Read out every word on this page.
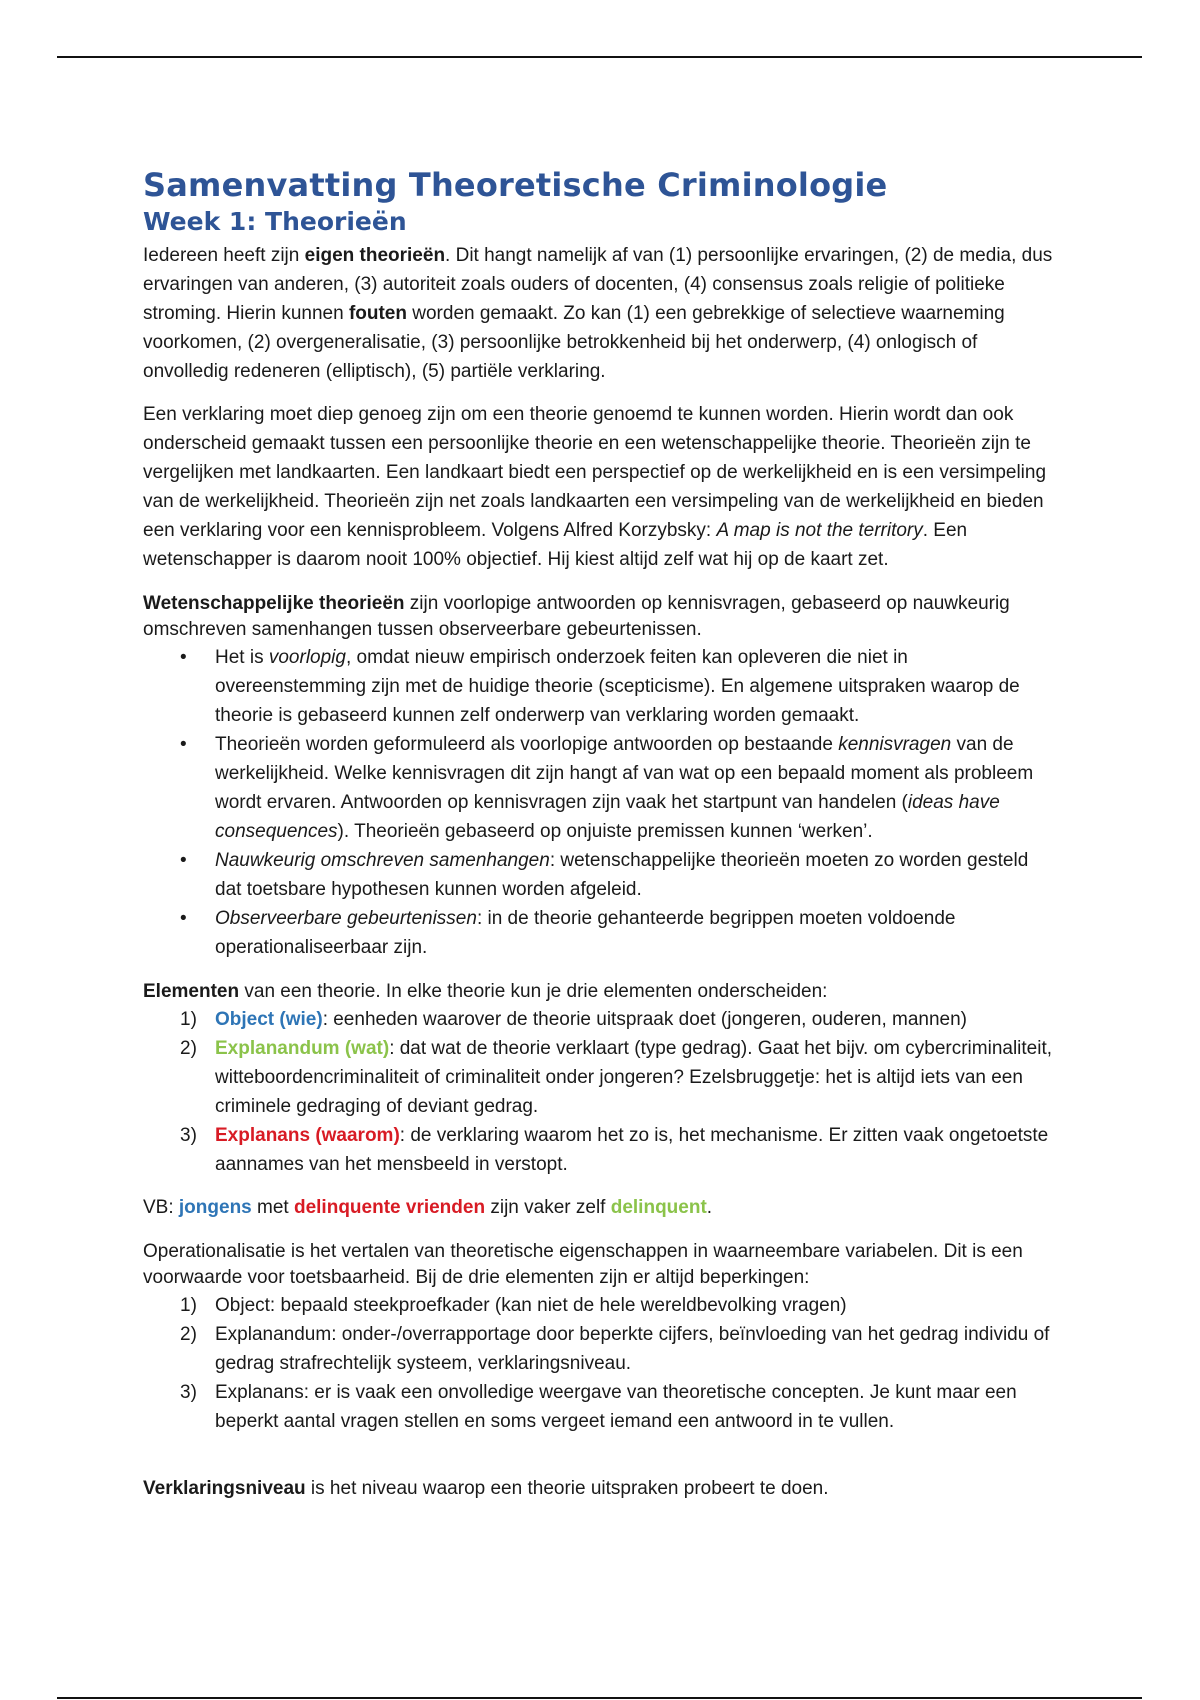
Samenvatting Theoretische Criminologie
Week 1: Theorieën

Iedereen heeft zijn eigen theorieën. Dit hangt namelijk af van (1) persoonlijke ervaringen, (2) de media, dus ervaringen van anderen, (3) autoriteit zoals ouders of docenten, (4) consensus zoals religie of politieke stroming. Hierin kunnen fouten worden gemaakt. Zo kan (1) een gebrekkige of selectieve waarneming voorkomen, (2) overgeneralisatie, (3) persoonlijke betrokkenheid bij het onderwerp, (4) onlogisch of onvolledig redeneren (elliptisch), (5) partiële verklaring.

Een verklaring moet diep genoeg zijn om een theorie genoemd te kunnen worden. Hierin wordt dan ook onderscheid gemaakt tussen een persoonlijke theorie en een wetenschappelijke theorie. Theorieën zijn te vergelijken met landkaarten. Een landkaart biedt een perspectief op de werkelijkheid en is een versimpeling van de werkelijkheid. Theorieën zijn net zoals landkaarten een versimpeling van de werkelijkheid en bieden een verklaring voor een kennisprobleem. Volgens Alfred Korzybsky: A map is not the territory. Een wetenschapper is daarom nooit 100% objectief. Hij kiest altijd zelf wat hij op de kaart zet.

Wetenschappelijke theorieën zijn voorlopige antwoorden op kennisvragen, gebaseerd op nauwkeurig omschreven samenhangen tussen observeerbare gebeurtenissen.

• Het is voorlopig, omdat nieuw empirisch onderzoek feiten kan opleveren die niet in overeenstemming zijn met de huidige theorie (scepticisme). En algemene uitspraken waarop de theorie is gebaseerd kunnen zelf onderwerp van verklaring worden gemaakt.
• Theorieën worden geformuleerd als voorlopige antwoorden op bestaande kennisvragen van de werkelijkheid. Welke kennisvragen dit zijn hangt af van wat op een bepaald moment als probleem wordt ervaren. Antwoorden op kennisvragen zijn vaak het startpunt van handelen (ideas have consequences). Theorieën gebaseerd op onjuiste premissen kunnen ‘werken’.
• Nauwkeurig omschreven samenhangen: wetenschappelijke theorieën moeten zo worden gesteld dat toetsbare hypothesen kunnen worden afgeleid.
• Observeerbare gebeurtenissen: in de theorie gehanteerde begrippen moeten voldoende operationaliseerbaar zijn.

Elementen van een theorie. In elke theorie kun je drie elementen onderscheiden:

1) Object (wie): eenheden waarover de theorie uitspraak doet (jongeren, ouderen, mannen)
2) Explanandum (wat): dat wat de theorie verklaart (type gedrag). Gaat het bijv. om cybercriminaliteit, witteboordencriminaliteit of criminaliteit onder jongeren? Ezelsbruggetje: het is altijd iets van een criminele gedraging of deviant gedrag.
3) Explanans (waarom): de verklaring waarom het zo is, het mechanisme. Er zitten vaak ongetoetste aannames van het mensbeeld in verstopt.

VB: jongens met delinquente vrienden zijn vaker zelf delinquent.

Operationalisatie is het vertalen van theoretische eigenschappen in waarneembare variabelen. Dit is een voorwaarde voor toetsbaarheid. Bij de drie elementen zijn er altijd beperkingen:

1) Object: bepaald steekproefkader (kan niet de hele wereldbevolking vragen)
2) Explanandum: onder-/overrapportage door beperkte cijfers, beïnvloeding van het gedrag individu of gedrag strafrechtelijk systeem, verklaringsniveau.
3) Explanans: er is vaak een onvolledige weergave van theoretische concepten. Je kunt maar een beperkt aantal vragen stellen en soms vergeet iemand een antwoord in te vullen.

Verklaringsniveau is het niveau waarop een theorie uitspraken probeert te doen.
